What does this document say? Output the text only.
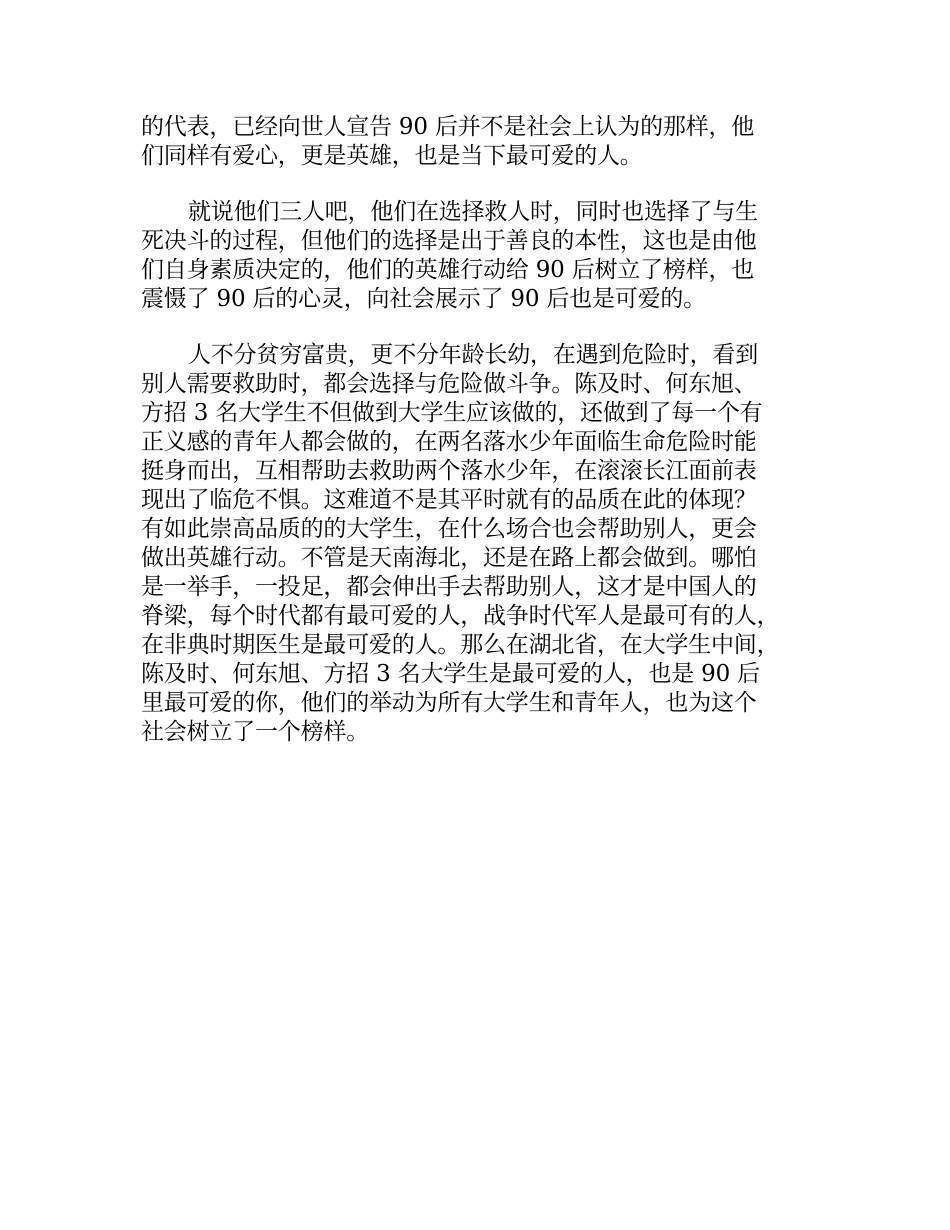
的代表，已经向世人宣告 90 后并不是社会上认为的那样，他
们同样有爱心，更是英雄，也是当下最可爱的人。

就说他们三人吧，他们在选择救人时，同时也选择了与生
死决斗的过程，但他们的选择是出于善良的本性，这也是由他
们自身素质决定的，他们的英雄行动给 90 后树立了榜样，也
震慑了 90 后的心灵，向社会展示了 90 后也是可爱的。

人不分贫穷富贵，更不分年龄长幼，在遇到危险时，看到
别人需要救助时，都会选择与危险做斗争。陈及时、何东旭、
方招 3 名大学生不但做到大学生应该做的，还做到了每一个有
正义感的青年人都会做的，在两名落水少年面临生命危险时能
挺身而出，互相帮助去救助两个落水少年，在滚滚长江面前表
现出了临危不惧。这难道不是其平时就有的品质在此的体现？
有如此崇高品质的的大学生，在什么场合也会帮助别人，更会
做出英雄行动。不管是天南海北，还是在路上都会做到。哪怕
是一举手，一投足，都会伸出手去帮助别人，这才是中国人的
脊梁，每个时代都有最可爱的人，战争时代军人是最可有的人，
在非典时期医生是最可爱的人。那么在湖北省，在大学生中间，
陈及时、何东旭、方招 3 名大学生是最可爱的人，也是 90 后
里最可爱的你，他们的举动为所有大学生和青年人，也为这个
社会树立了一个榜样。
